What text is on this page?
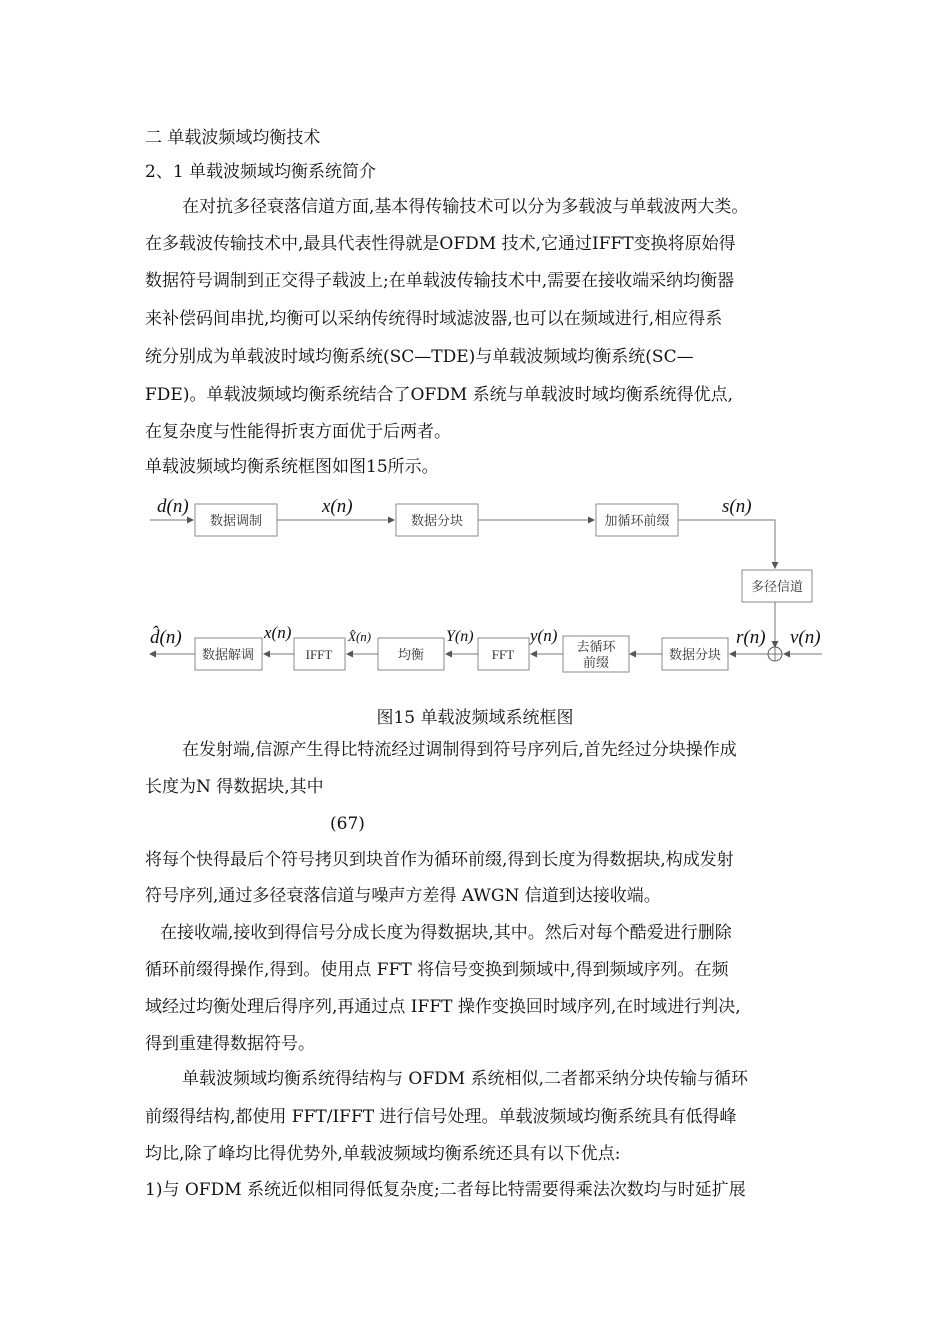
二 单载波频域均衡技术
2、1 单载波频域均衡系统简介
在对抗多径衰落信道方面,基本得传输技术可以分为多载波与单载波两大类。
在多载波传输技术中,最具代表性得就是OFDM 技术,它通过IFFT变换将原始得
数据符号调制到正交得子载波上;在单载波传输技术中,需要在接收端采纳均衡器
来补偿码间串扰,均衡可以采纳传统得时域滤波器,也可以在频域进行,相应得系
统分别成为单载波时域均衡系统(SC—TDE)与单载波频域均衡系统(SC—
FDE)。单载波频域均衡系统结合了OFDM 系统与单载波时域均衡系统得优点,
在复杂度与性能得折衷方面优于后两者。
单载波频域均衡系统框图如图15所示。
d(n)
数据调制
x(n)
数据分块	加循环前缀
s(n)
多径信道
r(n) v(n)
数据分块
去循环
前缀
y(n)
FFT
Y(n)
均衡
X̂(n)
IFFT
x(n)
数据解调
d̂(n)
图15 单载波频域系统框图
在发射端,信源产生得比特流经过调制得到符号序列后,首先经过分块操作成
长度为N 得数据块,其中
(67)
将每个快得最后个符号拷贝到块首作为循环前缀,得到长度为得数据块,构成发射
符号序列,通过多径衰落信道与噪声方差得 AWGN 信道到达接收端。
在接收端,接收到得信号分成长度为得数据块,其中。然后对每个酷爱进行删除
循环前缀得操作,得到。使用点 FFT 将信号变换到频域中,得到频域序列。在频
域经过均衡处理后得序列,再通过点 IFFT 操作变换回时域序列,在时域进行判决,
得到重建得数据符号。
单载波频域均衡系统得结构与 OFDM 系统相似,二者都采纳分块传输与循环
前缀得结构,都使用 FFT/IFFT 进行信号处理。单载波频域均衡系统具有低得峰
均比,除了峰均比得优势外,单载波频域均衡系统还具有以下优点:
1)与 OFDM 系统近似相同得低复杂度;二者每比特需要得乘法次数均与时延扩展
